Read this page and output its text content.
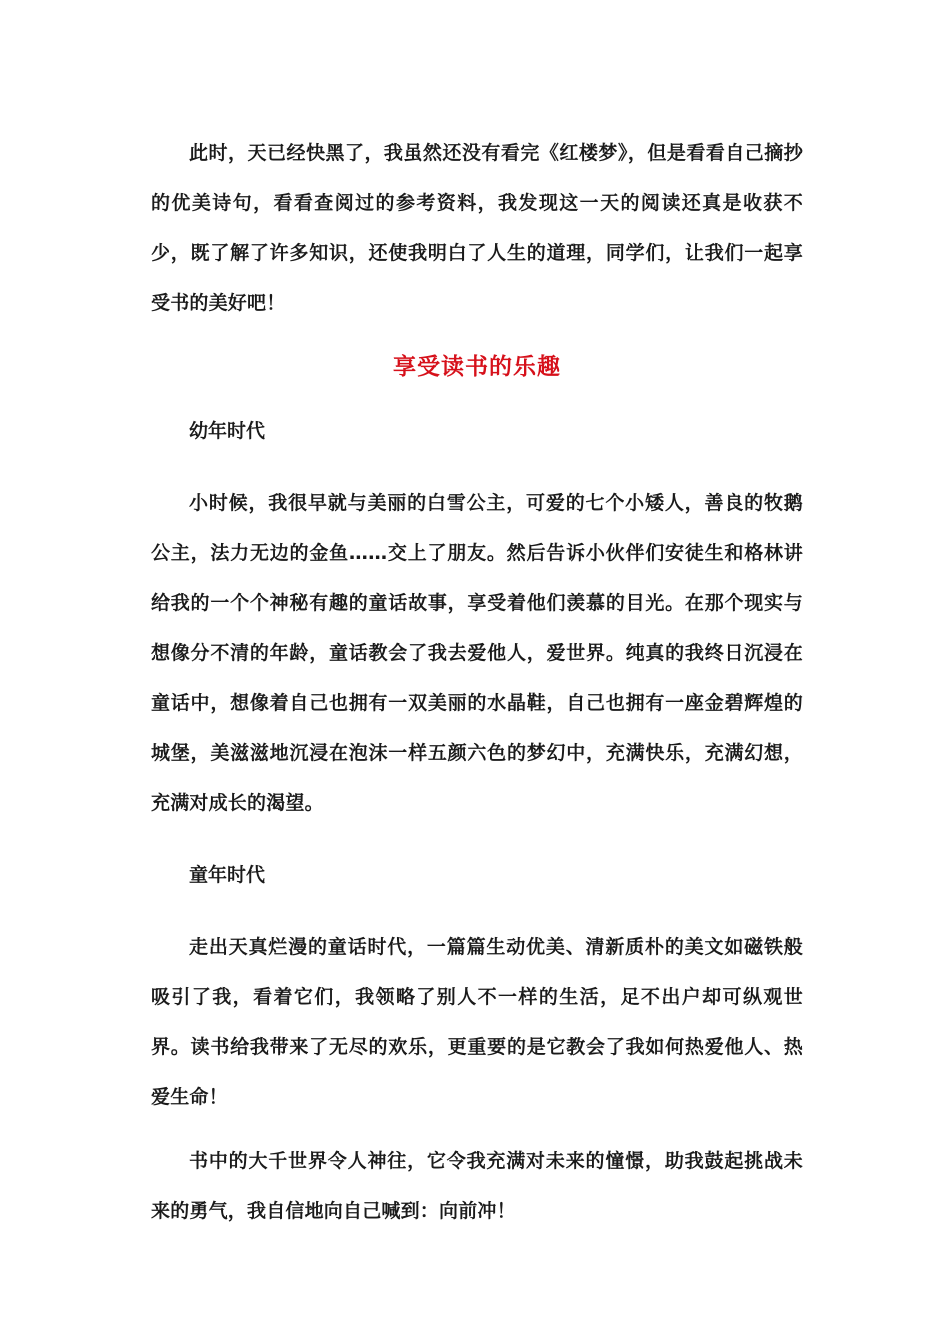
此时，天已经快黑了，我虽然还没有看完《红楼梦》，但是看看自己摘抄的优美诗句，看看查阅过的参考资料，我发现这一天的阅读还真是收获不少，既了解了许多知识，还使我明白了人生的道理，同学们，让我们一起享受书的美好吧！

享受读书的乐趣

幼年时代

小时候，我很早就与美丽的白雪公主，可爱的七个小矮人，善良的牧鹅公主，法力无边的金鱼……交上了朋友。然后告诉小伙伴们安徒生和格林讲给我的一个个神秘有趣的童话故事，享受着他们羡慕的目光。在那个现实与想像分不清的年龄，童话教会了我去爱他人，爱世界。纯真的我终日沉浸在童话中，想像着自己也拥有一双美丽的水晶鞋，自己也拥有一座金碧辉煌的城堡，美滋滋地沉浸在泡沫一样五颜六色的梦幻中，充满快乐，充满幻想，充满对成长的渴望。

童年时代

走出天真烂漫的童话时代，一篇篇生动优美、清新质朴的美文如磁铁般吸引了我，看着它们，我领略了别人不一样的生活，足不出户却可纵观世界。读书给我带来了无尽的欢乐，更重要的是它教会了我如何热爱他人、热爱生命！

书中的大千世界令人神往，它令我充满对未来的憧憬，助我鼓起挑战未来的勇气，我自信地向自己喊到：向前冲！
